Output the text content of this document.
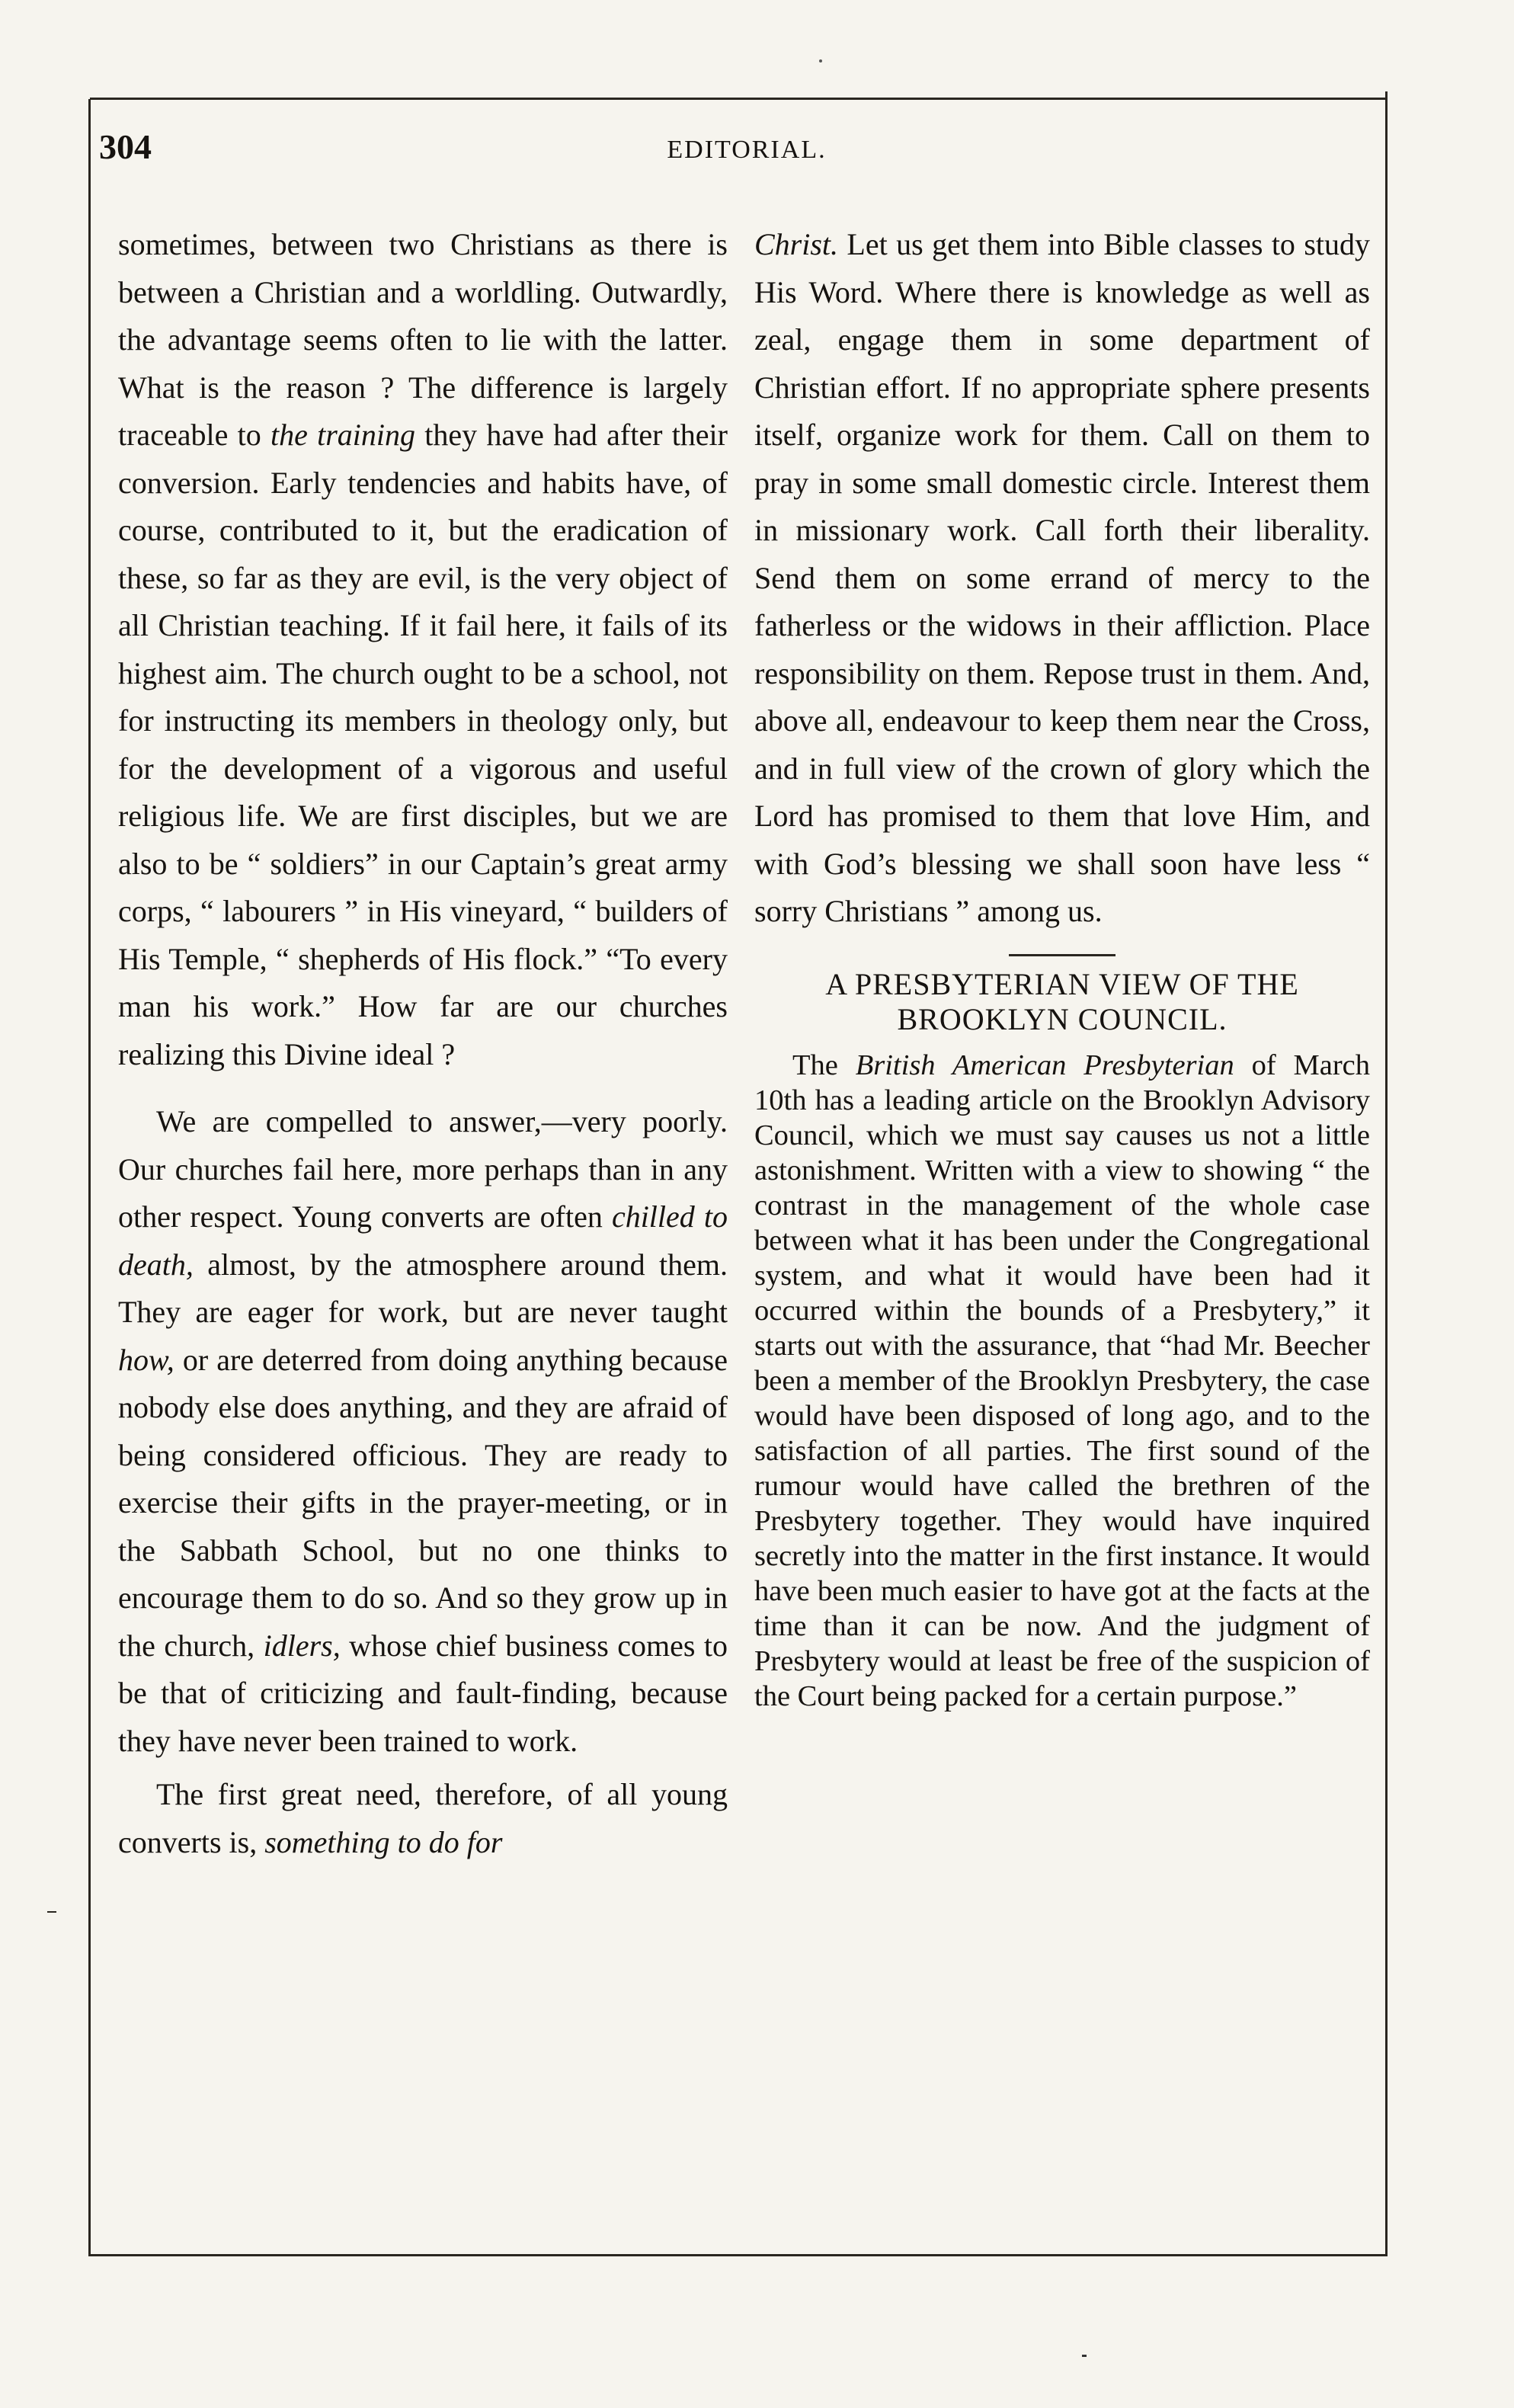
304	EDITORIAL.

sometimes, between two Christians as there is between a Christian and a worldling. Outwardly, the advantage seems often to lie with the latter. What is the reason ? The difference is largely traceable to the training they have had after their conversion. Early tendencies and habits have, of course, contributed to it, but the eradication of these, so far as they are evil, is the very object of all Christian teaching. If it fail here, it fails of its highest aim. The church ought to be a school, not for instructing its members in theology only, but for the development of a vigorous and useful religious life. We are first disciples, but we are also to be “ soldiers” in our Captain’s great army corps, “ labourers ” in His vineyard, “ builders of His Temple, “ shepherds of His flock.” “To every man his work.” How far are our churches realizing this Divine ideal ?

We are compelled to answer,—very poorly. Our churches fail here, more perhaps than in any other respect. Young converts are often chilled to death, almost, by the atmosphere around them. They are eager for work, but are never taught how, or are deterred from doing anything because nobody else does anything, and they are afraid of being considered officious. They are ready to exercise their gifts in the prayer-meeting, or in the Sabbath School, but no one thinks to encourage them to do so. And so they grow up in the church, idlers, whose chief business comes to be that of criticizing and fault-finding, because they have never been trained to work.

The first great need, therefore, of all young converts is, something to do for

Christ. Let us get them into Bible classes to study His Word. Where there is knowledge as well as zeal, engage them in some department of Christian effort. If no appropriate sphere presents itself, organize work for them. Call on them to pray in some small domestic circle. Interest them in missionary work. Call forth their liberality. Send them on some errand of mercy to the fatherless or the widows in their affliction. Place responsibility on them. Repose trust in them. And, above all, endeavour to keep them near the Cross, and in full view of the crown of glory which the Lord has promised to them that love Him, and with God’s blessing we shall soon have less “ sorry Christians ” among us.

A PRESBYTERIAN VIEW OF THE BROOKLYN COUNCIL.

The British American Presbyterian of March 10th has a leading article on the Brooklyn Advisory Council, which we must say causes us not a little astonishment. Written with a view to showing “ the contrast in the management of the whole case between what it has been under the Congregational system, and what it would have been had it occurred within the bounds of a Presbytery,” it starts out with the assurance, that “had Mr. Beecher been a member of the Brooklyn Presbytery, the case would have been disposed of long ago, and to the satisfaction of all parties. The first sound of the rumour would have called the brethren of the Presbytery together. They would have inquired secretly into the matter in the first instance. It would have been much easier to have got at the facts at the time than it can be now. And the judgment of Presbytery would at least be free of the suspicion of the Court being packed for a certain purpose.”
